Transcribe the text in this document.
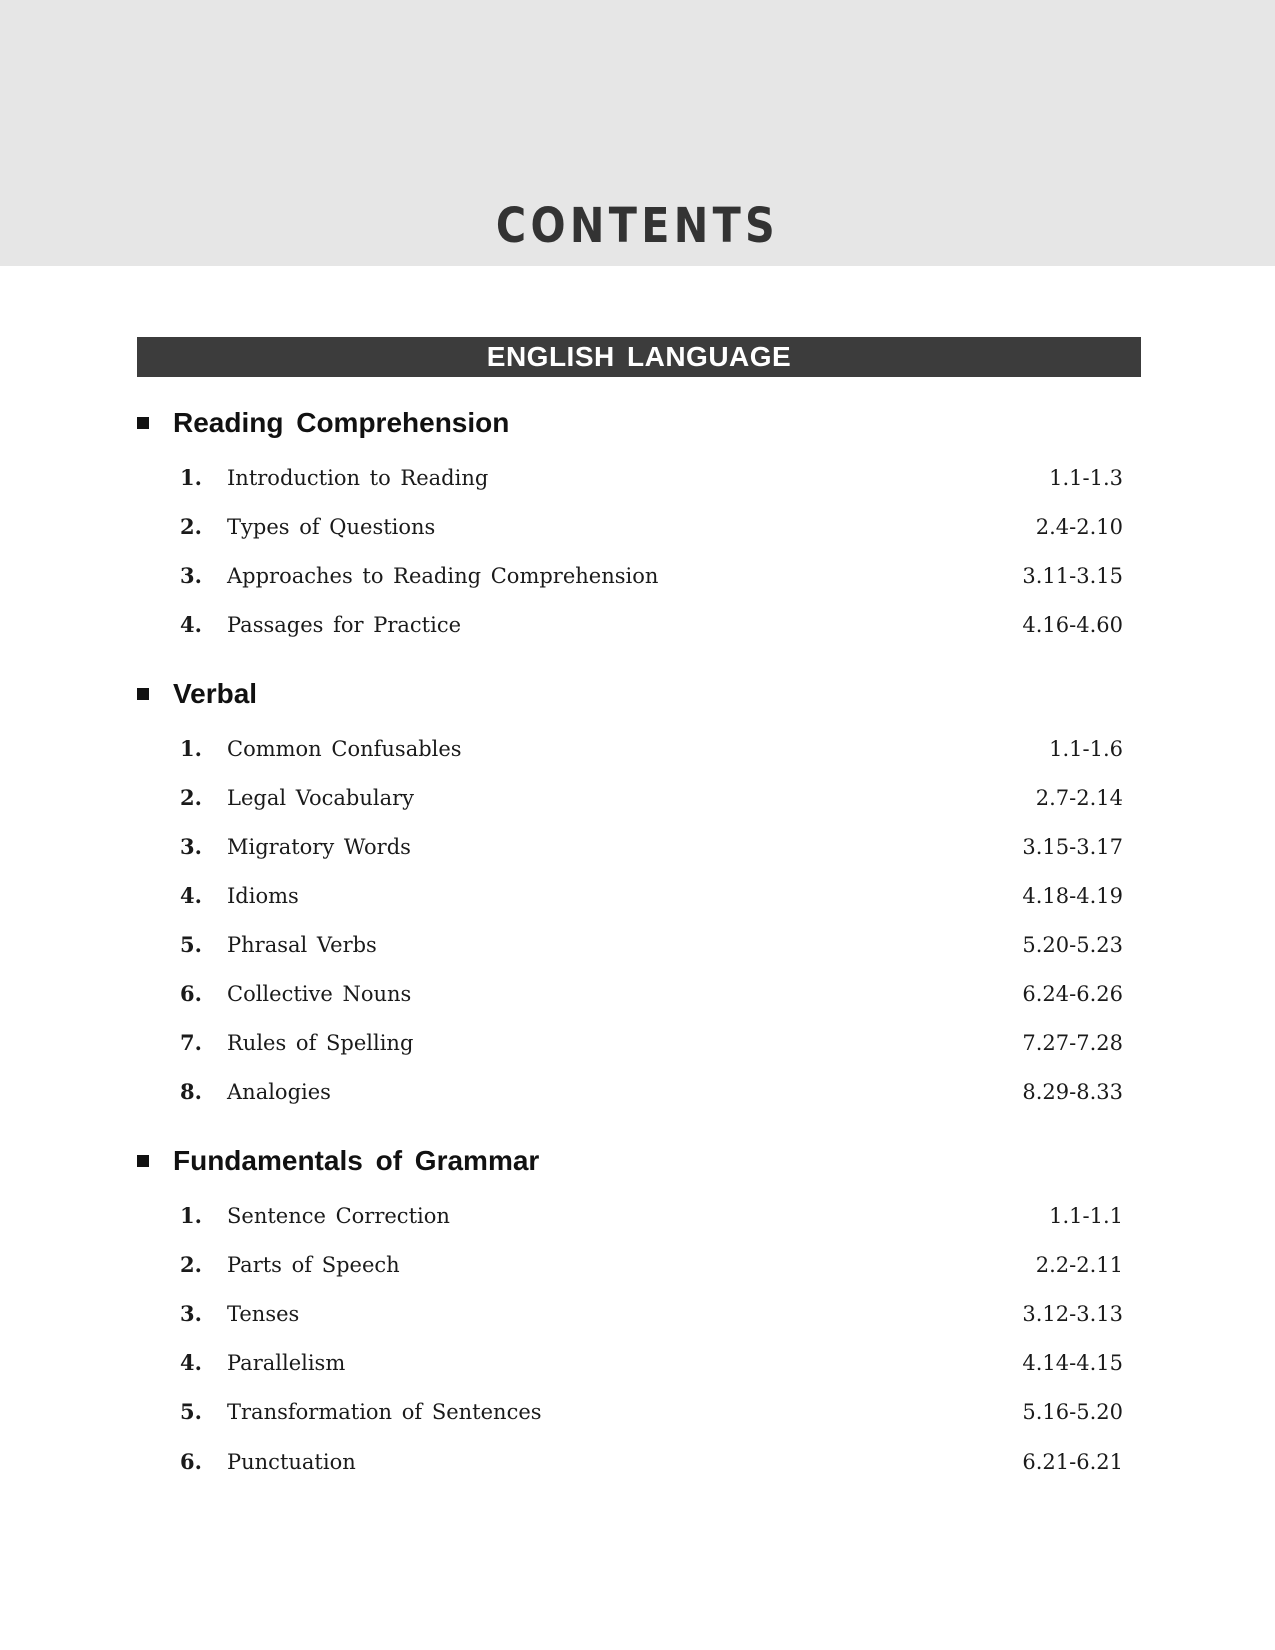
CONTENTS
ENGLISH LANGUAGE
Reading Comprehension
1.	Introduction to Reading	1.1-1.3
2.	Types of Questions	2.4-2.10
3.	Approaches to Reading Comprehension	3.11-3.15
4.	Passages for Practice	4.16-4.60
Verbal
1.	Common Confusables	1.1-1.6
2.	Legal Vocabulary	2.7-2.14
3.	Migratory Words	3.15-3.17
4.	Idioms	4.18-4.19
5.	Phrasal Verbs	5.20-5.23
6.	Collective Nouns	6.24-6.26
7.	Rules of Spelling	7.27-7.28
8.	Analogies	8.29-8.33
Fundamentals of Grammar
1.	Sentence Correction	1.1-1.1
2.	Parts of Speech	2.2-2.11
3.	Tenses	3.12-3.13
4.	Parallelism	4.14-4.15
5.	Transformation of Sentences	5.16-5.20
6.	Punctuation	6.21-6.21
